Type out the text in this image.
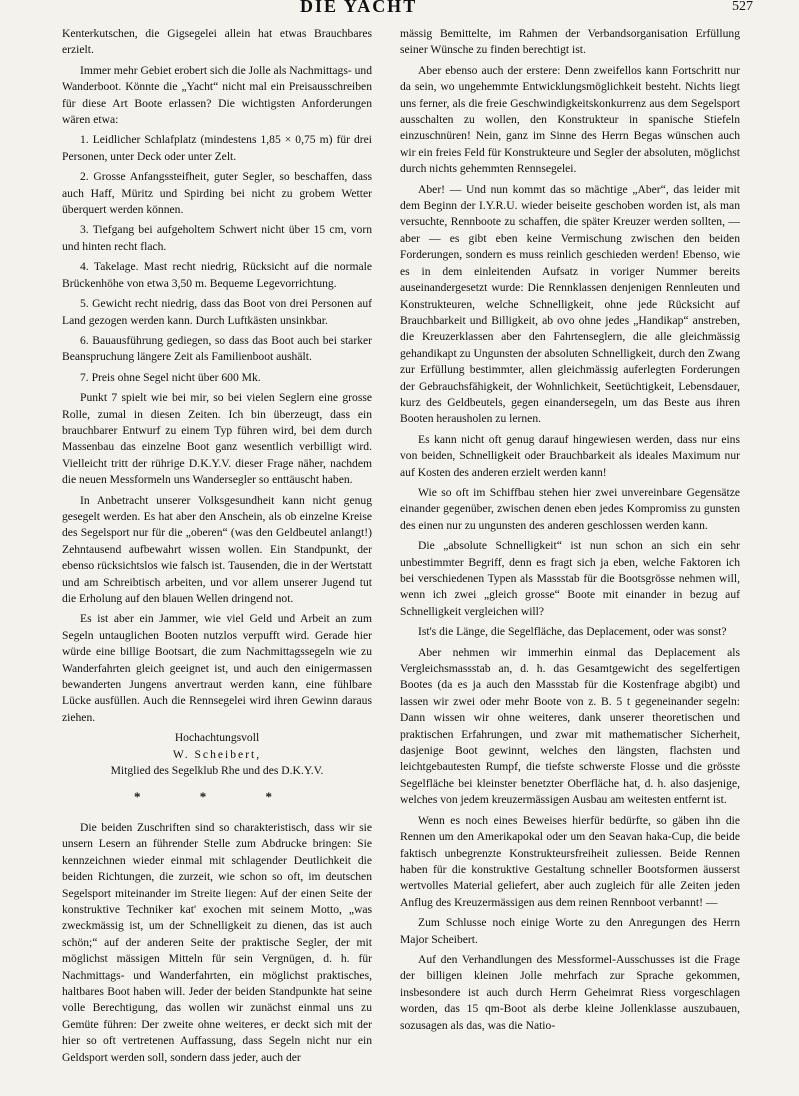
DIE YACHT	527

Kenterkutschen, die Gigsegelei allein hat etwas Brauchbares erzielt.

Immer mehr Gebiet erobert sich die Jolle als Nachmittags- und Wanderboot. Könnte die „Yacht“ nicht mal ein Preisausschreiben für diese Art Boote erlassen? Die wichtigsten Anforderungen wären etwa:

1. Leidlicher Schlafplatz (mindestens 1,85 × 0,75 m) für drei Personen, unter Deck oder unter Zelt.

2. Grosse Anfangssteifheit, guter Segler, so beschaffen, dass auch Haff, Müritz und Spirding bei nicht zu grobem Wetter überquert werden können.

3. Tiefgang bei aufgeholtem Schwert nicht über 15 cm, vorn und hinten recht flach.

4. Takelage. Mast recht niedrig, Rücksicht auf die normale Brückenhöhe von etwa 3,50 m. Bequeme Legevorrichtung.

5. Gewicht recht niedrig, dass das Boot von drei Personen auf Land gezogen werden kann. Durch Luftkästen unsinkbar.

6. Bauausführung gediegen, so dass das Boot auch bei starker Beanspruchung längere Zeit als Familienboot aushält.

7. Preis ohne Segel nicht über 600 Mk.

Punkt 7 spielt wie bei mir, so bei vielen Seglern eine grosse Rolle, zumal in diesen Zeiten. Ich bin überzeugt, dass ein brauchbarer Entwurf zu einem Typ führen wird, bei dem durch Massenbau das einzelne Boot ganz wesentlich verbilligt wird. Vielleicht tritt der rührige D.K.Y.V. dieser Frage näher, nachdem die neuen Messformeln uns Wandersegler so enttäuscht haben.

In Anbetracht unserer Volksgesundheit kann nicht genug gesegelt werden. Es hat aber den Anschein, als ob einzelne Kreise des Segelsport nur für die „oberen“ (was den Geldbeutel anlangt!) Zehntausend aufbewahrt wissen wollen. Ein Standpunkt, der ebenso rücksichtslos wie falsch ist. Tausenden, die in der Wertstatt und am Schreibtisch arbeiten, und vor allem unserer Jugend tut die Erholung auf den blauen Wellen dringend not.

Es ist aber ein Jammer, wie viel Geld und Arbeit an zum Segeln untauglichen Booten nutzlos verpufft wird. Gerade hier würde eine billige Bootsart, die zum Nachmittagssegeln wie zu Wanderfahrten gleich geeignet ist, und auch den einigermassen bewanderten Jungens anvertraut werden kann, eine fühlbare Lücke ausfüllen. Auch die Rennsegelei wird ihren Gewinn daraus ziehen.

Hochachtungsvoll

W. Scheibert,

Mitglied des Segelklub Rhe und des D.K.Y.V.

* * *

Die beiden Zuschriften sind so charakteristisch, dass wir sie unsern Lesern an führender Stelle zum Abdrucke bringen: Sie kennzeichnen wieder einmal mit schlagender Deutlichkeit die beiden Richtungen, die zurzeit, wie schon so oft, im deutschen Segelsport miteinander im Streite liegen: Auf der einen Seite der konstruktive Techniker kat' exochen mit seinem Motto, „was zweckmässig ist, um der Schnelligkeit zu dienen, das ist auch schön;“ auf der anderen Seite der praktische Segler, der mit möglichst mässigen Mitteln für sein Vergnügen, d. h. für Nachmittags- und Wanderfahrten, ein möglichst praktisches, haltbares Boot haben will. Jeder der beiden Standpunkte hat seine volle Berechtigung, das wollen wir zunächst einmal uns zu Gemüte führen: Der zweite ohne weiteres, er deckt sich mit der hier so oft vertretenen Auffassung, dass Segeln nicht nur ein Geldsport werden soll, sondern dass jeder, auch der

mässig Bemittelte, im Rahmen der Verbandsorganisation Erfüllung seiner Wünsche zu finden berechtigt ist.

Aber ebenso auch der erstere: Denn zweifellos kann Fortschritt nur da sein, wo ungehemmte Entwicklungsmöglichkeit besteht. Nichts liegt uns ferner, als die freie Geschwindigkeitskonkurrenz aus dem Segelsport ausschalten zu wollen, den Konstrukteur in spanische Stiefeln einzuschnüren! Nein, ganz im Sinne des Herrn Begas wünschen auch wir ein freies Feld für Konstrukteure und Segler der absoluten, möglichst durch nichts gehemmten Rennsegelei.

Aber! — Und nun kommt das so mächtige „Aber“, das leider mit dem Beginn der I.Y.R.U. wieder beiseite geschoben worden ist, als man versuchte, Rennboote zu schaffen, die später Kreuzer werden sollten, — aber — es gibt eben keine Vermischung zwischen den beiden Forderungen, sondern es muss reinlich geschieden werden! Ebenso, wie es in dem einleitenden Aufsatz in voriger Nummer bereits auseinandergesetzt wurde: Die Rennklassen denjenigen Rennleuten und Konstrukteuren, welche Schnelligkeit, ohne jede Rücksicht auf Brauchbarkeit und Billigkeit, ab ovo ohne jedes „Handikap“ anstreben, die Kreuzerklassen aber den Fahrtenseglern, die alle gleichmässig gehandikapt zu Ungunsten der absoluten Schnelligkeit, durch den Zwang zur Erfüllung bestimmter, allen gleichmässig auferlegten Forderungen der Gebrauchsfähigkeit, der Wohnlichkeit, Seetüchtigkeit, Lebensdauer, kurz des Geldbeutels, gegen einandersegeln, um das Beste aus ihren Booten herausholen zu lernen.

Es kann nicht oft genug darauf hingewiesen werden, dass nur eins von beiden, Schnelligkeit oder Brauchbarkeit als ideales Maximum nur auf Kosten des anderen erzielt werden kann!

Wie so oft im Schiffbau stehen hier zwei unvereinbare Gegensätze einander gegenüber, zwischen denen eben jedes Kompromiss zu gunsten des einen nur zu ungunsten des anderen geschlossen werden kann.

Die „absolute Schnelligkeit“ ist nun schon an sich ein sehr unbestimmter Begriff, denn es fragt sich ja eben, welche Faktoren ich bei verschiedenen Typen als Massstab für die Bootsgrösse nehmen will, wenn ich zwei „gleich grosse“ Boote mit einander in bezug auf Schnelligkeit vergleichen will?

Ist's die Länge, die Segelfläche, das Deplacement, oder was sonst?

Aber nehmen wir immerhin einmal das Deplacement als Vergleichsmassstab an, d. h. das Gesamtgewicht des segelfertigen Bootes (da es ja auch den Massstab für die Kostenfrage abgibt) und lassen wir zwei oder mehr Boote von z. B. 5 t gegeneinander segeln: Dann wissen wir ohne weiteres, dank unserer theoretischen und praktischen Erfahrungen, und zwar mit mathematischer Sicherheit, dasjenige Boot gewinnt, welches den längsten, flachsten und leichtgebautesten Rumpf, die tiefste schwerste Flosse und die grösste Segelfläche bei kleinster benetzter Oberfläche hat, d. h. also dasjenige, welches von jedem kreuzermässigen Ausbau am weitesten entfernt ist.

Wenn es noch eines Beweises hierfür bedürfte, so gäben ihn die Rennen um den Amerikapokal oder um den Seavan haka-Cup, die beide faktisch unbegrenzte Konstrukteursfreiheit zuliessen. Beide Rennen haben für die konstruktive Gestaltung schneller Bootsformen äusserst wertvolles Material geliefert, aber auch zugleich für alle Zeiten jeden Anflug des Kreuzermässigen aus dem reinen Rennboot verbannt! —

Zum Schlusse noch einige Worte zu den Anregungen des Herrn Major Scheibert.

Auf den Verhandlungen des Messformel-Ausschusses ist die Frage der billigen kleinen Jolle mehrfach zur Sprache gekommen, insbesondere ist auch durch Herrn Geheimrat Riess vorgeschlagen worden, das 15 qm-Boot als derbe kleine Jollenklasse auszubauen, sozusagen als das, was die Natio-
